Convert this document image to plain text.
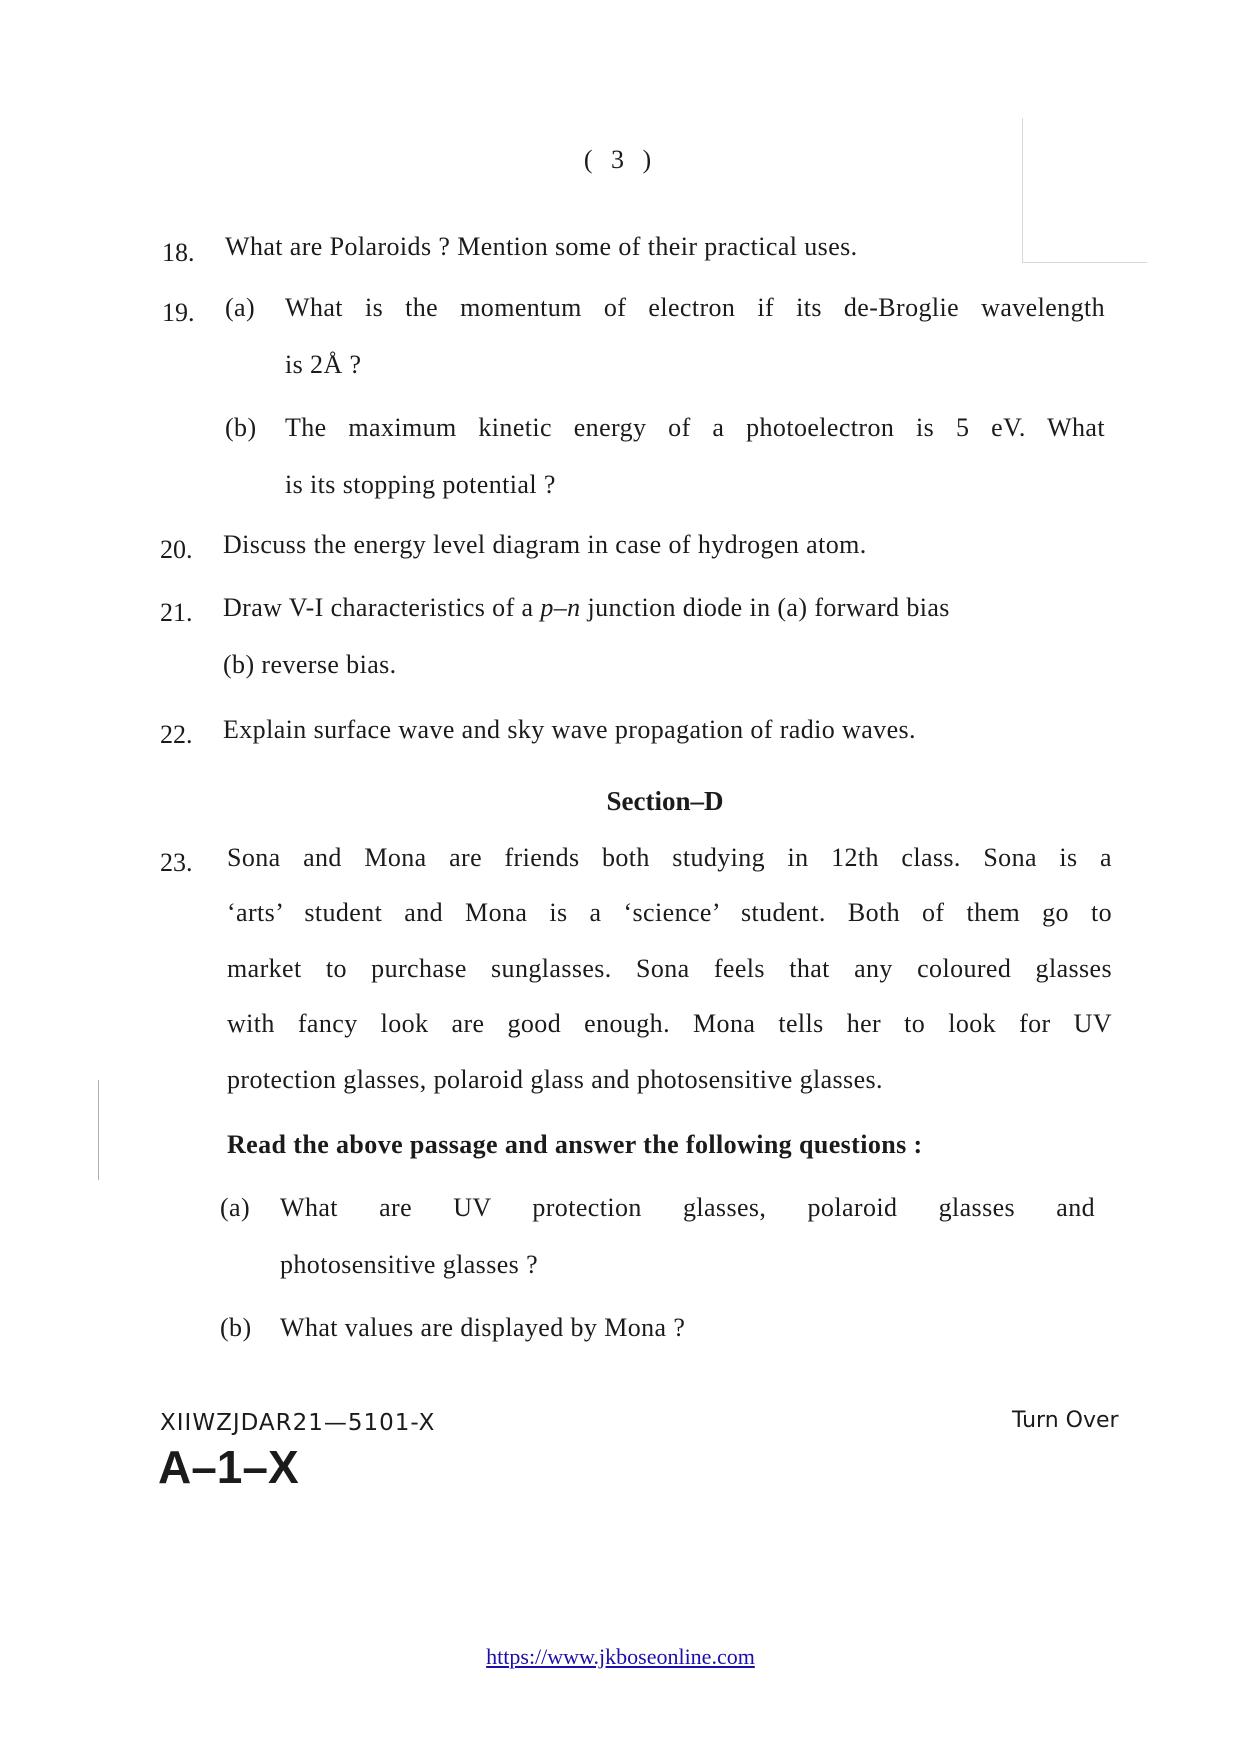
( 3 )
18. What are Polaroids ? Mention some of their practical uses.
19. (a) What is the momentum of electron if its de-Broglie wavelength
is 2Å ?
(b) The maximum kinetic energy of a photoelectron is 5 eV. What
is its stopping potential ?
20. Discuss the energy level diagram in case of hydrogen atom.
21. Draw V-I characteristics of a p–n junction diode in (a) forward bias
(b) reverse bias.
22. Explain surface wave and sky wave propagation of radio waves.
Section–D
23. Sona and Mona are friends both studying in 12th class. Sona is a
‘arts’ student and Mona is a ‘science’ student. Both of them go to
market to purchase sunglasses. Sona feels that any coloured glasses
with fancy look are good enough. Mona tells her to look for UV
protection glasses, polaroid glass and photosensitive glasses.
Read the above passage and answer the following questions :
(a) What are UV protection glasses, polaroid glasses and
photosensitive glasses ?
(b) What values are displayed by Mona ?
XIIWZJDAR21—5101-X
A–1–X
Turn Over
https://www.jkboseonline.com
